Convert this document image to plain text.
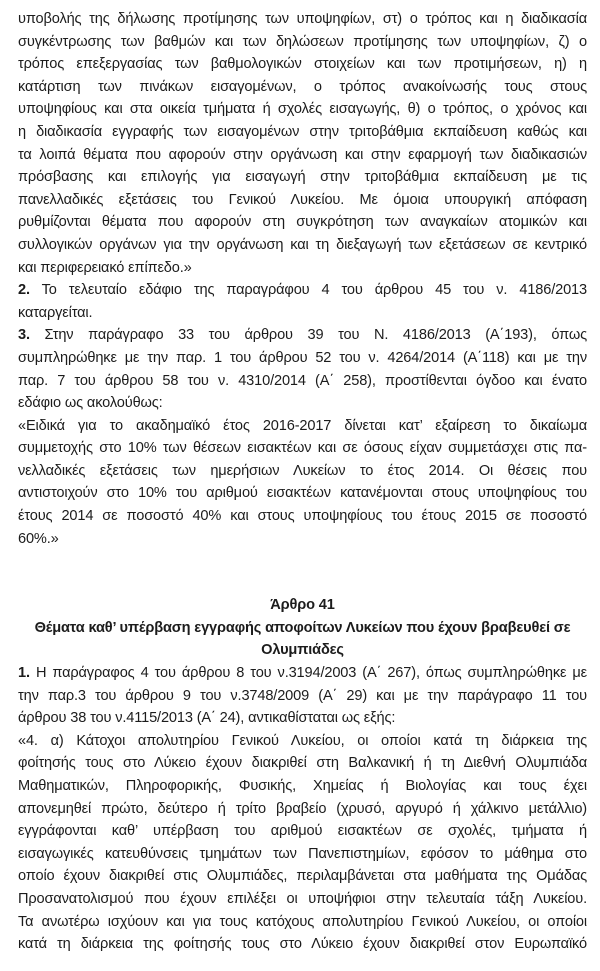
υποβολής της δήλωσης προτίμησης των υποψηφίων, στ) ο τρόπος και η διαδικασία
συγκέντρωσης των βαθμών και των δηλώσεων προτίμησης των υποψηφίων, ζ) ο
τρόπος επεξεργασίας των βαθμολογικών στοιχείων και των προτιμήσεων, η) η
κατάρτιση των πινάκων εισαγομένων, ο τρόπος ανακοίνωσής τους στους
υποψηφίους και στα οικεία τμήματα ή σχολές εισαγωγής, θ) ο τρόπος, ο χρόνος και
η διαδικασία εγγραφής των εισαγομένων στην τριτοβάθμια εκπαίδευση καθώς και
τα λοιπά θέματα που αφορούν στην οργάνωση και στην εφαρμογή των διαδικασιών
πρόσβασης και επιλογής για εισαγωγή στην τριτοβάθμια εκπαίδευση με τις
πανελλαδικές εξετάσεις του Γενικού Λυκείου. Με όμοια υπουργική απόφαση
ρυθμίζονται θέματα που αφορούν στη συγκρότηση των αναγκαίων ατομικών και
συλλογικών οργάνων για την οργάνωση και τη διεξαγωγή των εξετάσεων σε κεντρικό
και περιφερειακό επίπεδο.»
2. Το τελευταίο εδάφιο της παραγράφου 4 του άρθρου 45 του ν. 4186/2013
καταργείται.
3. Στην παράγραφο 33 του άρθρου 39 του Ν. 4186/2013 (Α΄193), όπως
συμπληρώθηκε με την παρ. 1 του άρθρου 52 του ν. 4264/2014 (Α΄118) και με την
παρ. 7 του άρθρου 58 του ν. 4310/2014 (Α΄ 258), προστίθενται όγδοο και ένατο
εδάφιο ως ακολούθως:
«Ειδικά για το ακαδημαϊκό έτος 2016-2017 δίνεται κατ’ εξαίρεση το δικαίωμα
συμμετοχής στο 10% των θέσεων εισακτέων και σε όσους είχαν συμμετάσχει στις πα-
νελλαδικές εξετάσεις των ημερήσιων Λυκείων το έτος 2014. Οι θέσεις που
αντιστοιχούν στο 10% του αριθμού εισακτέων κατανέμονται στους υποψηφίους του
έτους 2014 σε ποσοστό 40% και στους υποψηφίους του έτους 2015 σε ποσοστό
60%.»
Άρθρο 41
Θέματα καθ’ υπέρβαση εγγραφής αποφοίτων Λυκείων που έχουν βραβευθεί σε
Ολυμπιάδες
1. Η παράγραφος 4 του άρθρου 8 του ν.3194/2003 (Α΄ 267), όπως συμπληρώθηκε με
την παρ.3 του άρθρου 9 του ν.3748/2009 (Α΄ 29) και με την παράγραφο 11 του
άρθρου 38 του ν.4115/2013 (Α΄ 24), αντικαθίσταται ως εξής:
«4. α) Κάτοχοι απολυτηρίου Γενικού Λυκείου, οι οποίοι κατά τη διάρκεια της
φοίτησής τους στο Λύκειο έχουν διακριθεί στη Βαλκανική ή τη Διεθνή Ολυμπιάδα
Μαθηματικών, Πληροφορικής, Φυσικής, Χημείας ή Βιολογίας και τους έχει
απονεμηθεί πρώτο, δεύτερο ή τρίτο βραβείο (χρυσό, αργυρό ή χάλκινο μετάλλιο)
εγγράφονται καθ’ υπέρβαση του αριθμού εισακτέων σε σχολές, τμήματα ή
εισαγωγικές κατευθύνσεις τμημάτων των Πανεπιστημίων, εφόσον το μάθημα στο
οποίο έχουν διακριθεί στις Ολυμπιάδες, περιλαμβάνεται στα μαθήματα της Ομάδας
Προσανατολισμού που έχουν επιλέξει οι υποψήφιοι στην τελευταία τάξη Λυκείου.
Τα ανωτέρω ισχύουν και για τους κατόχους απολυτηρίου Γενικού Λυκείου, οι οποίοι
κατά τη διάρκεια της φοίτησής τους στο Λύκειο έχουν διακριθεί στον Ευρωπαϊκό
